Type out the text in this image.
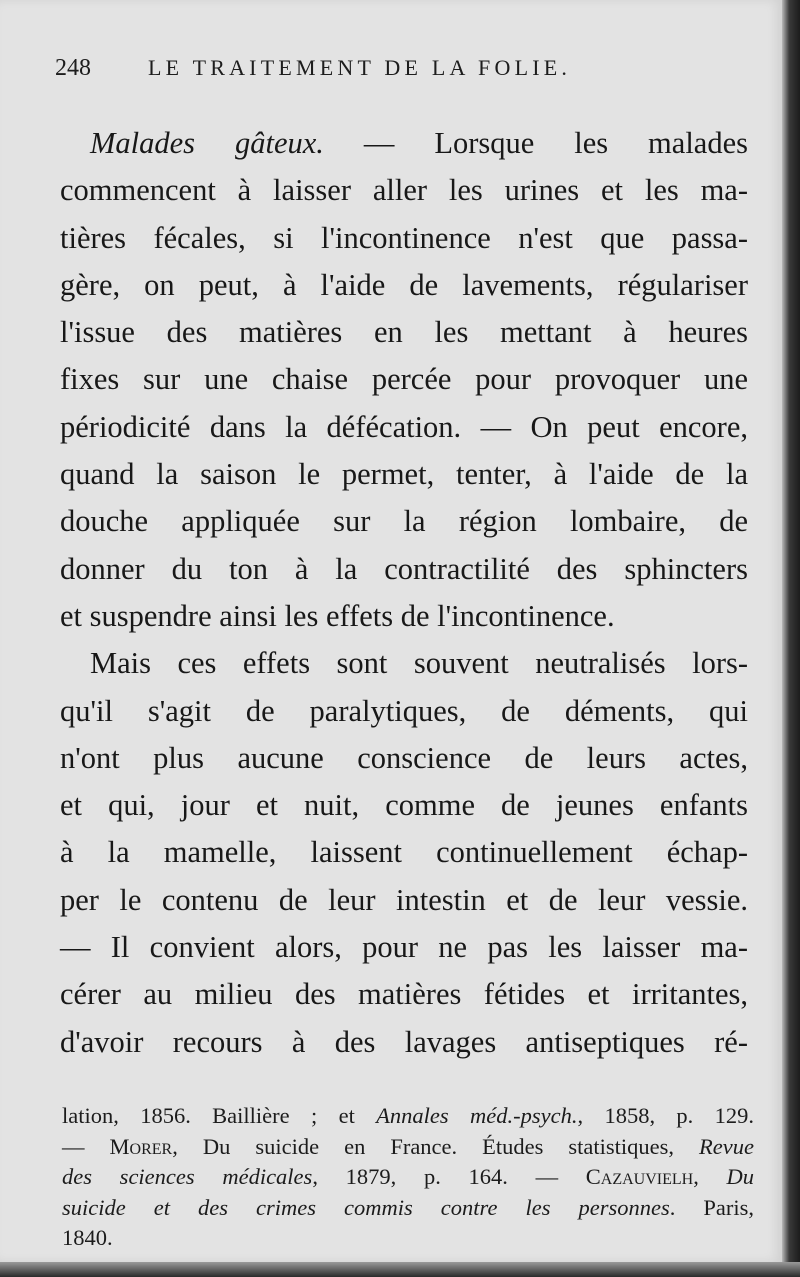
248	LE TRAITEMENT DE LA FOLIE.
Malades gâteux. — Lorsque les malades
commencent à laisser aller les urines et les ma-
tières fécales, si l'incontinence n'est que passa-
gère, on peut, à l'aide de lavements, régulariser
l'issue des matières en les mettant à heures
fixes sur une chaise percée pour provoquer une
périodicité dans la défécation. — On peut encore,
quand la saison le permet, tenter, à l'aide de la
douche appliquée sur la région lombaire, de
donner du ton à la contractilité des sphincters
et suspendre ainsi les effets de l'incontinence.
Mais ces effets sont souvent neutralisés lors-
qu'il s'agit de paralytiques, de déments, qui
n'ont plus aucune conscience de leurs actes,
et qui, jour et nuit, comme de jeunes enfants
à la mamelle, laissent continuellement échap-
per le contenu de leur intestin et de leur vessie.
— Il convient alors, pour ne pas les laisser ma-
cérer au milieu des matières fétides et irritantes,
d'avoir recours à des lavages antiseptiques ré-
lation, 1856. Baillière ; et Annales méd.-psych., 1858, p. 129.
— Morer, Du suicide en France. Études statistiques, Revue
des sciences médicales, 1879, p. 164. — Cazauvielh, Du
suicide et des crimes commis contre les personnes. Paris,
1840.
